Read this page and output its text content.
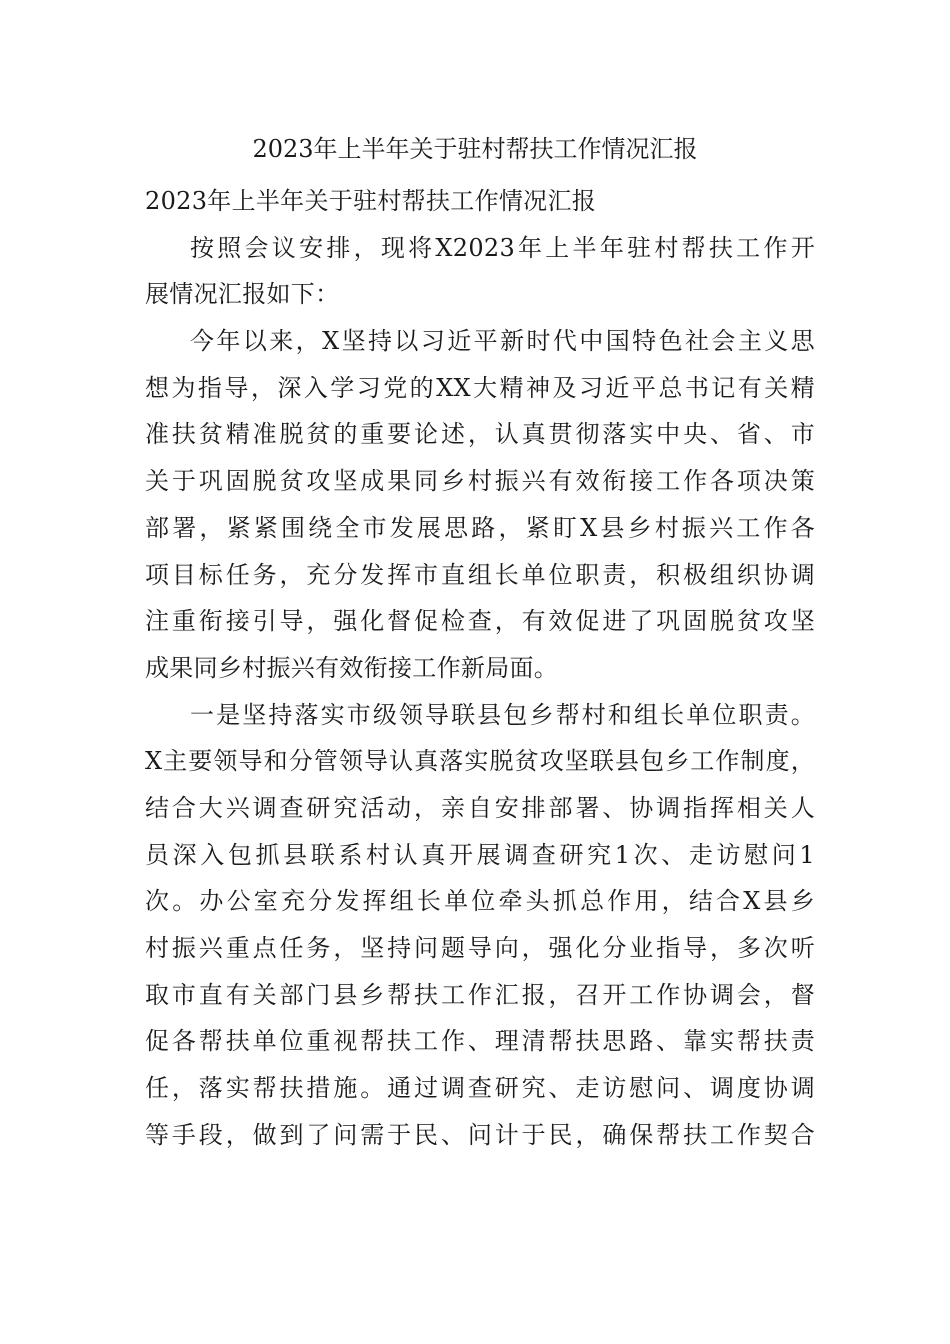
2023年上半年关于驻村帮扶工作情况汇报
2023年上半年关于驻村帮扶工作情况汇报
按照会议安排，现将X2023年上半年驻村帮扶工作开
展情况汇报如下：
今年以来，X坚持以习近平新时代中国特色社会主义思
想为指导，深入学习党的XX大精神及习近平总书记有关精
准扶贫精准脱贫的重要论述，认真贯彻落实中央、省、市
关于巩固脱贫攻坚成果同乡村振兴有效衔接工作各项决策
部署，紧紧围绕全市发展思路，紧盯X县乡村振兴工作各
项目标任务，充分发挥市直组长单位职责，积极组织协调
注重衔接引导，强化督促检查，有效促进了巩固脱贫攻坚
成果同乡村振兴有效衔接工作新局面。
一是坚持落实市级领导联县包乡帮村和组长单位职责。
X主要领导和分管领导认真落实脱贫攻坚联县包乡工作制度，
结合大兴调查研究活动，亲自安排部署、协调指挥相关人
员深入包抓县联系村认真开展调查研究1次、走访慰问1
次。办公室充分发挥组长单位牵头抓总作用，结合X县乡
村振兴重点任务，坚持问题导向，强化分业指导，多次听
取市直有关部门县乡帮扶工作汇报，召开工作协调会，督
促各帮扶单位重视帮扶工作、理清帮扶思路、靠实帮扶责
任，落实帮扶措施。通过调查研究、走访慰问、调度协调
等手段，做到了问需于民、问计于民，确保帮扶工作契合
